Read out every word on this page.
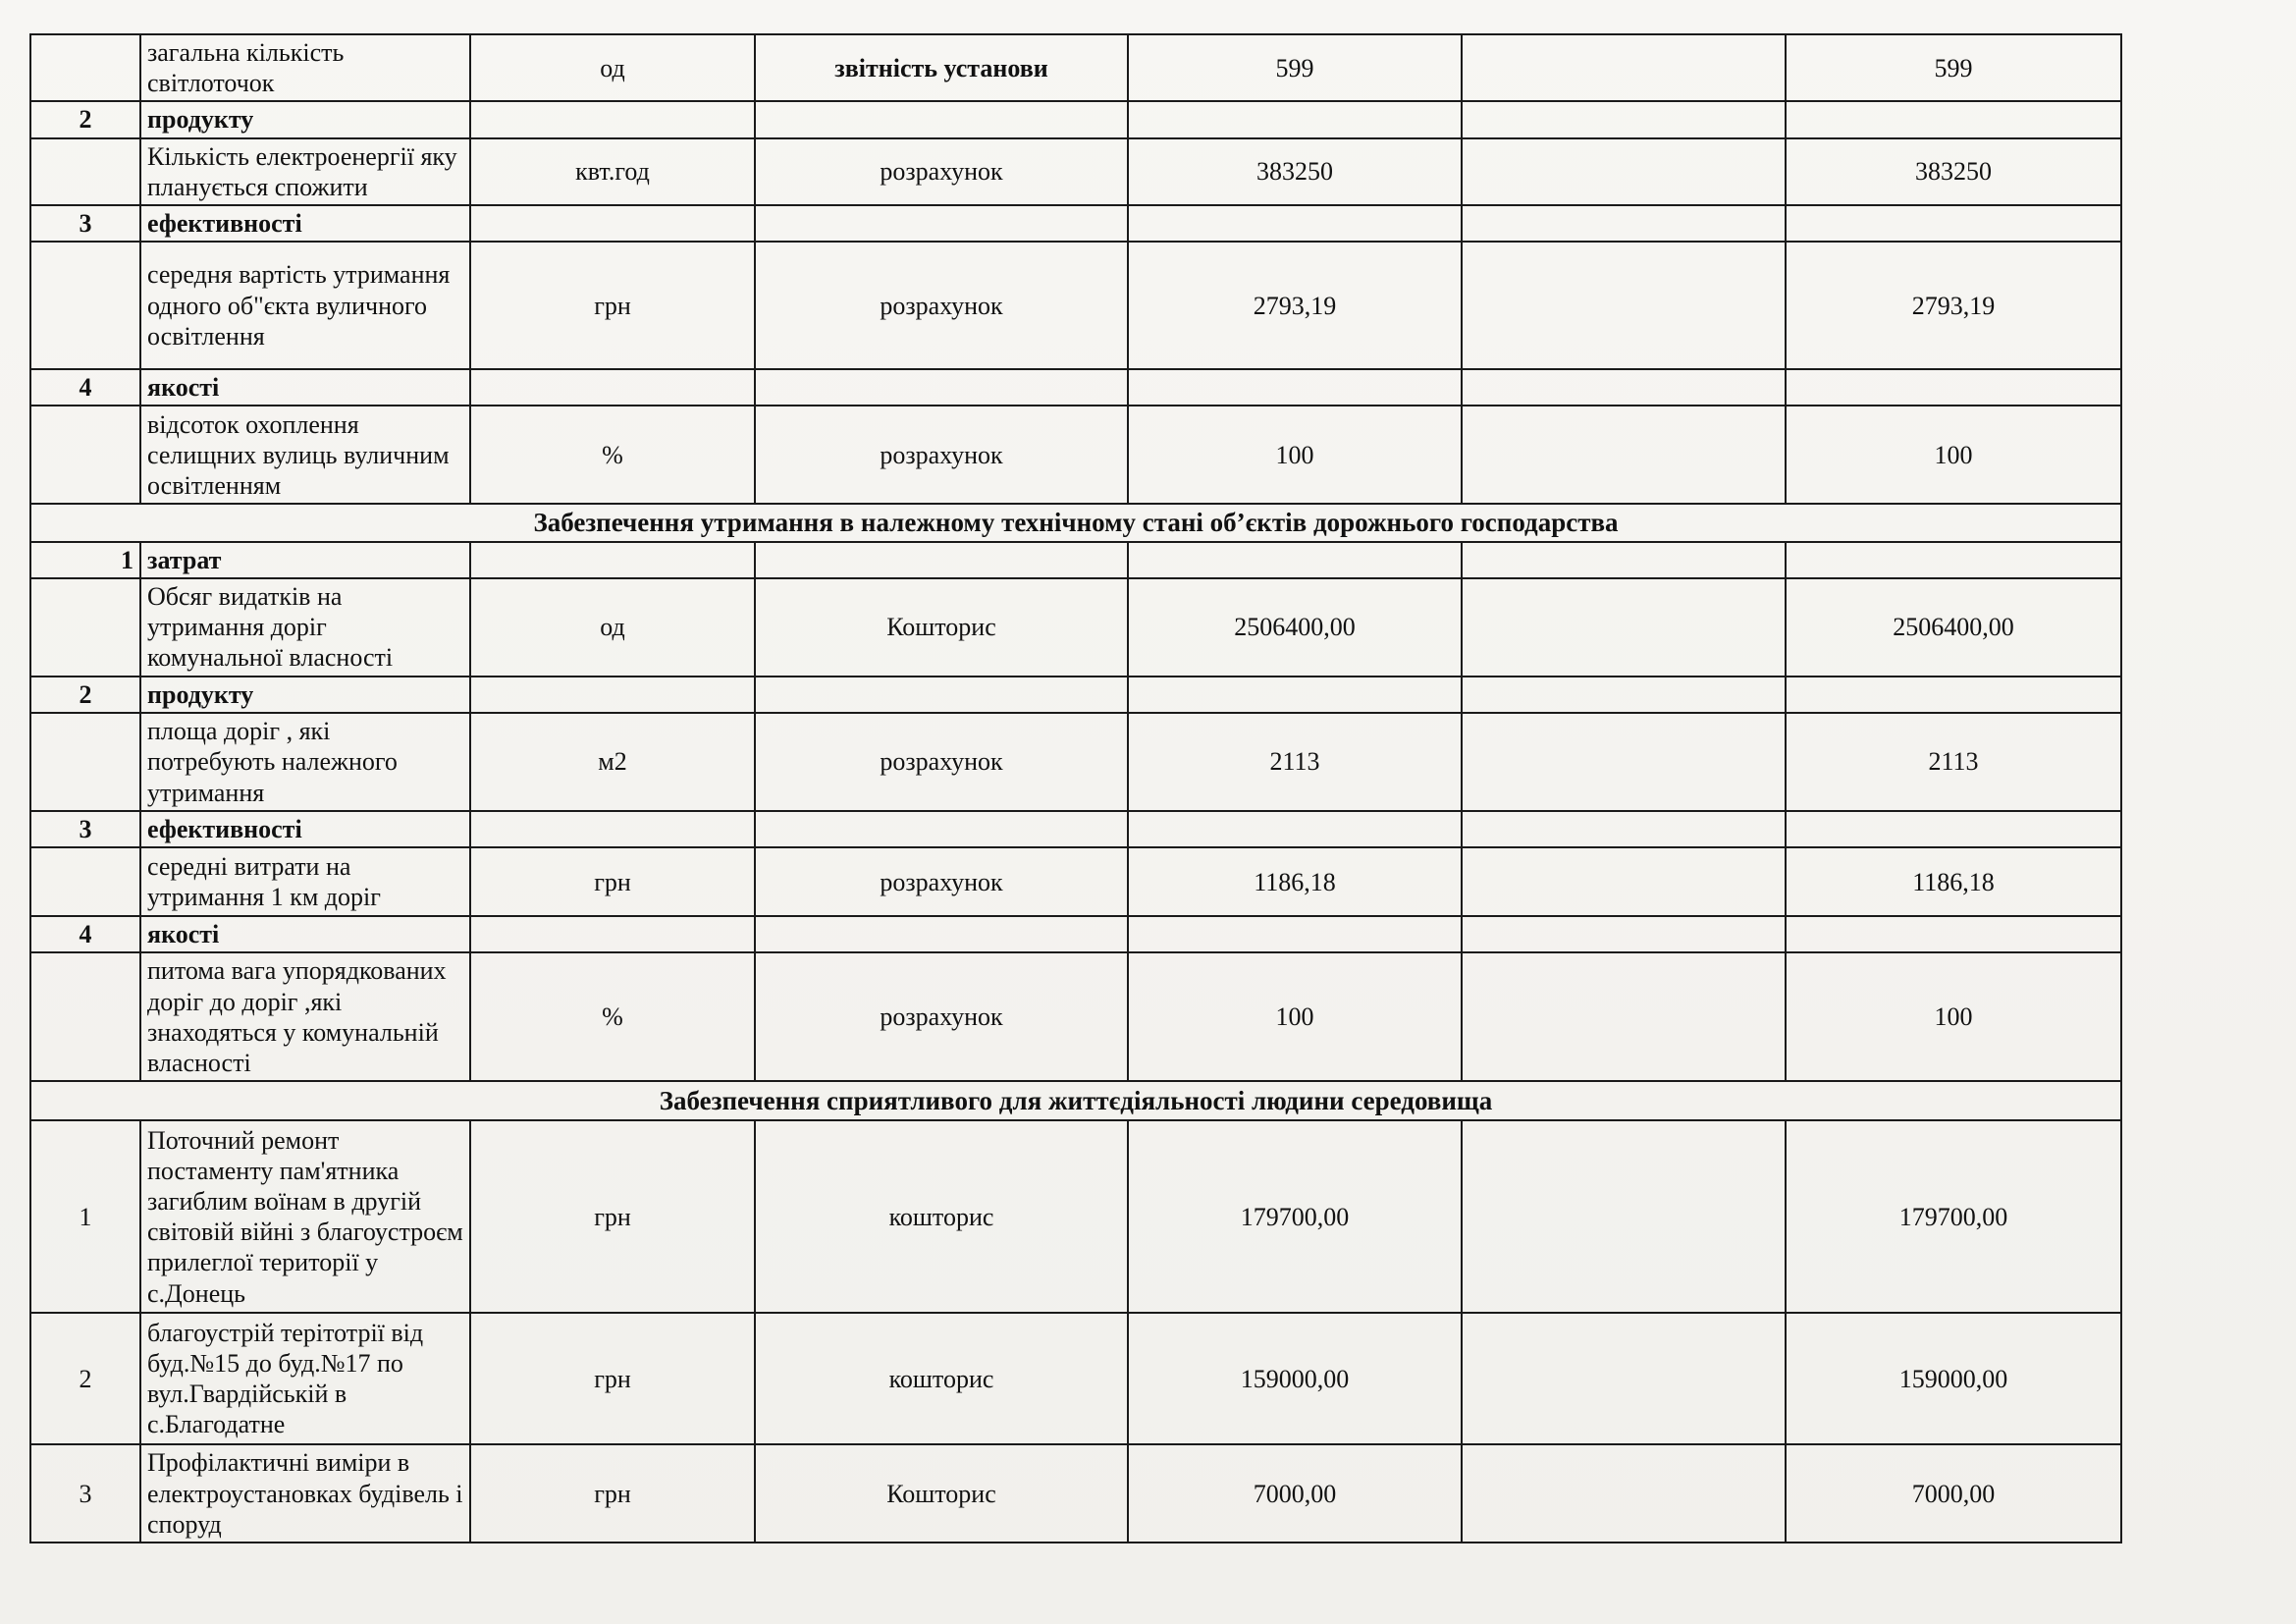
	загальна кількість світлоточок	од	звітність установи	599		599
2	продукту					
	Кількість електроенергії яку планується спожити	квт.год	розрахунок	383250		383250
3	ефективності					
	середня вартість утримання одного об"єкта вуличного освітлення	грн	розрахунок	2793,19		2793,19
4	якості					
	відсоток охоплення селищних вулиць вуличним освітленням	%	розрахунок	100		100
Забезпечення утримання в належному технічному стані об’єктів дорожнього господарства						
1	затрат					
	Обсяг видатків на утримання доріг комунальної власності	од	Кошторис	2506400,00		2506400,00
2	продукту					
	площа доріг , які потребують належного утримання	м2	розрахунок	2113		2113
3	ефективності					
	середні витрати на утримання 1 км доріг	грн	розрахунок	1186,18		1186,18
4	якості					
	питома вага упорядкованих доріг до доріг ,які знаходяться у комунальній власності	%	розрахунок	100		100
Забезпечення сприятливого для життєдіяльності людини середовища						
1	Поточний ремонт постаменту пам'ятника загиблим воїнам в другій світовій війні з благоустроєм прилеглої території у с.Донець	грн	кошторис	179700,00		179700,00
2	благоустрій терітотрії від буд.№15 до буд.№17 по вул.Гвардійській в с.Благодатне	грн	кошторис	159000,00		159000,00
3	Профілактичні виміри в електроустановках будівель і споруд	грн	Кошторис	7000,00		7000,00
